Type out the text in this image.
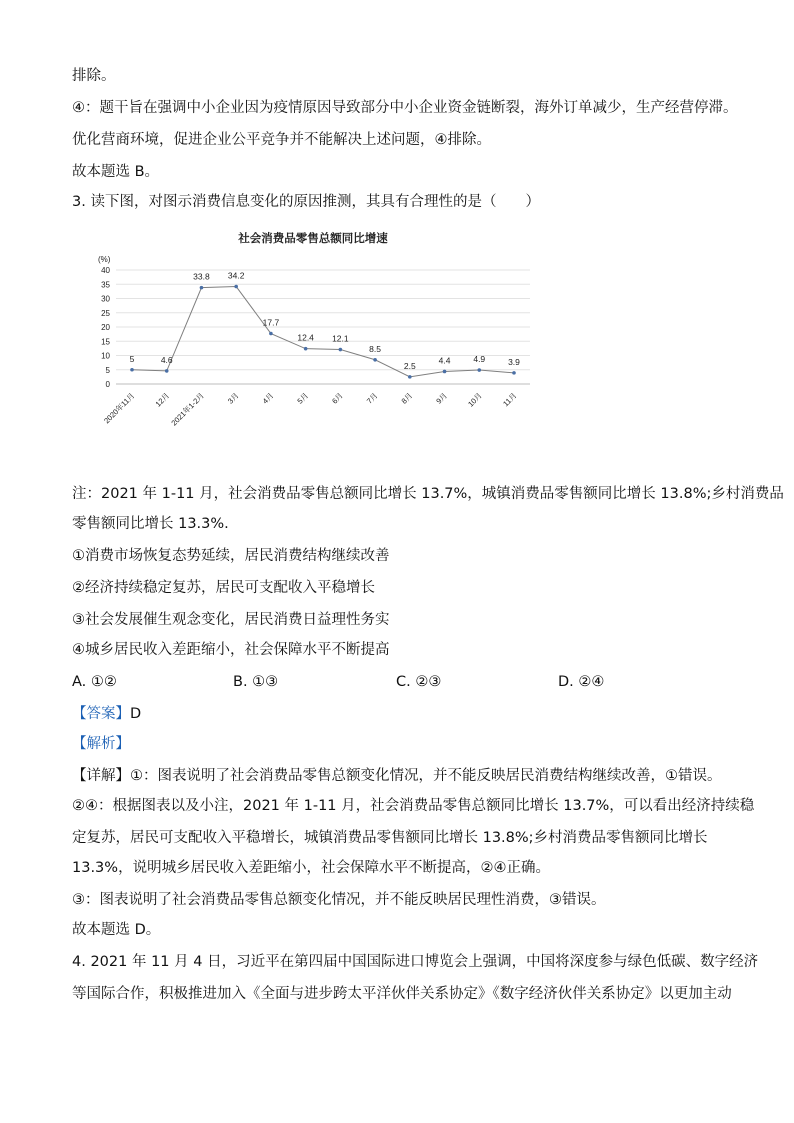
排除。
④：题干旨在强调中小企业因为疫情原因导致部分中小企业资金链断裂，海外订单减少，生产经营停滞。
优化营商环境，促进企业公平竞争并不能解决上述问题，④排除。
故本题选 B。
3. 读下图，对图示消费信息变化的原因推测，其具有合理性的是（　　）
社会消费品零售总额同比增速
(%)
0
5
10
15
20
25
30
35
40
5	4.6
33.8 34.2
17.7
12.4 12.1
8.5
2.5
4.4	4.9	3.9
2020年11月 12月
2021年1-2月	3月	4月	5月	6月	7月	8月	9月 10月 11月
注：2021 年 1-11 月，社会消费品零售总额同比增长 13.7%，城镇消费品零售额同比增长 13.8%;乡村消费品
零售额同比增长 13.3%.
①消费市场恢复态势延续，居民消费结构继续改善
②经济持续稳定复苏，居民可支配收入平稳增长
③社会发展催生观念变化，居民消费日益理性务实
④城乡居民收入差距缩小，社会保障水平不断提高
A. ①②	B. ①③	C. ②③	D. ②④
【答案】D
【解析】
【详解】①：图表说明了社会消费品零售总额变化情况，并不能反映居民消费结构继续改善，①错误。
②④：根据图表以及小注，2021 年 1-11 月，社会消费品零售总额同比增长 13.7%，可以看出经济持续稳
定复苏，居民可支配收入平稳增长，城镇消费品零售额同比增长 13.8%;乡村消费品零售额同比增长
13.3%，说明城乡居民收入差距缩小，社会保障水平不断提高，②④正确。
③：图表说明了社会消费品零售总额变化情况，并不能反映居民理性消费，③错误。
故本题选 D。
4. 2021 年 11 月 4 日，习近平在第四届中国国际进口博览会上强调，中国将深度参与绿色低碳、数字经济
等国际合作，积极推进加入《全面与进步跨太平洋伙伴关系协定》《数字经济伙伴关系协定》以更加主动
